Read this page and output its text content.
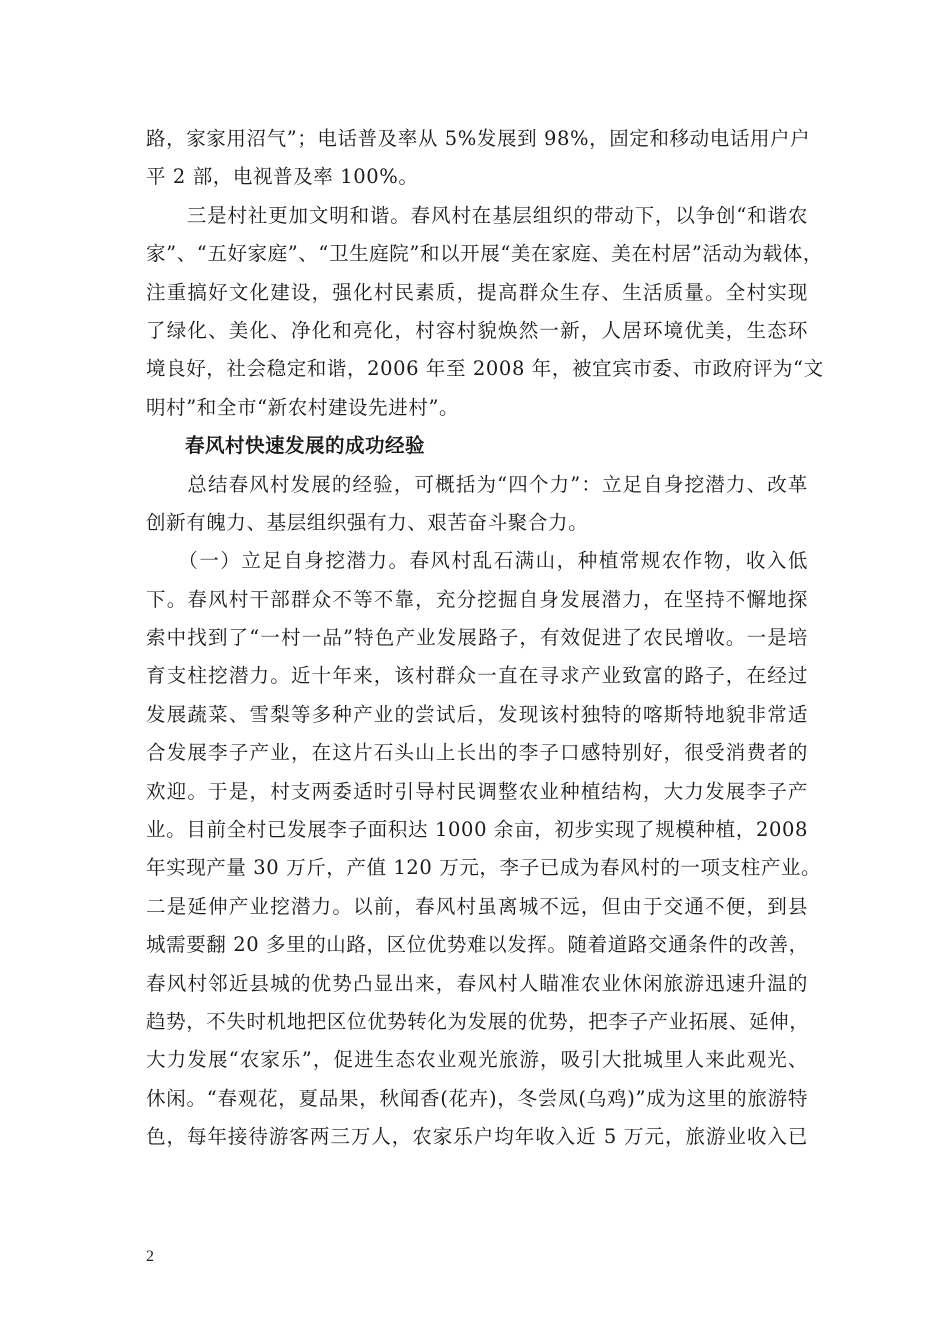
路，家家用沼气”；电话普及率从 5%发展到 98%，固定和移动电话用户户
平 2 部，电视普及率 100%。
　　三是村社更加文明和谐。春风村在基层组织的带动下，以争创“和谐农
家”、“五好家庭”、“卫生庭院”和以开展“美在家庭、美在村居”活动为载体，
注重搞好文化建设，强化村民素质，提高群众生存、生活质量。全村实现
了绿化、美化、净化和亮化，村容村貌焕然一新，人居环境优美，生态环
境良好，社会稳定和谐，2006 年至 2008 年，被宜宾市委、市政府评为“文
明村”和全市“新农村建设先进村”。
春风村快速发展的成功经验
　　总结春风村发展的经验，可概括为“四个力”：立足自身挖潜力、改革
创新有魄力、基层组织强有力、艰苦奋斗聚合力。
　　（一）立足自身挖潜力。春风村乱石满山，种植常规农作物，收入低
下。春风村干部群众不等不靠，充分挖掘自身发展潜力，在坚持不懈地探
索中找到了“一村一品”特色产业发展路子，有效促进了农民增收。一是培
育支柱挖潜力。近十年来，该村群众一直在寻求产业致富的路子，在经过
发展蔬菜、雪梨等多种产业的尝试后，发现该村独特的喀斯特地貌非常适
合发展李子产业，在这片石头山上长出的李子口感特别好，很受消费者的
欢迎。于是，村支两委适时引导村民调整农业种植结构，大力发展李子产
业。目前全村已发展李子面积达 1000 余亩，初步实现了规模种植，2008
年实现产量 30 万斤，产值 120 万元，李子已成为春风村的一项支柱产业。
二是延伸产业挖潜力。以前，春风村虽离城不远，但由于交通不便，到县
城需要翻 20 多里的山路，区位优势难以发挥。随着道路交通条件的改善，
春风村邻近县城的优势凸显出来，春风村人瞄准农业休闲旅游迅速升温的
趋势，不失时机地把区位优势转化为发展的优势，把李子产业拓展、延伸，
大力发展“农家乐”，促进生态农业观光旅游，吸引大批城里人来此观光、
休闲。“春观花，夏品果，秋闻香(花卉)，冬尝凤(乌鸡)”成为这里的旅游特
色，每年接待游客两三万人，农家乐户均年收入近 5 万元，旅游业收入已
2
